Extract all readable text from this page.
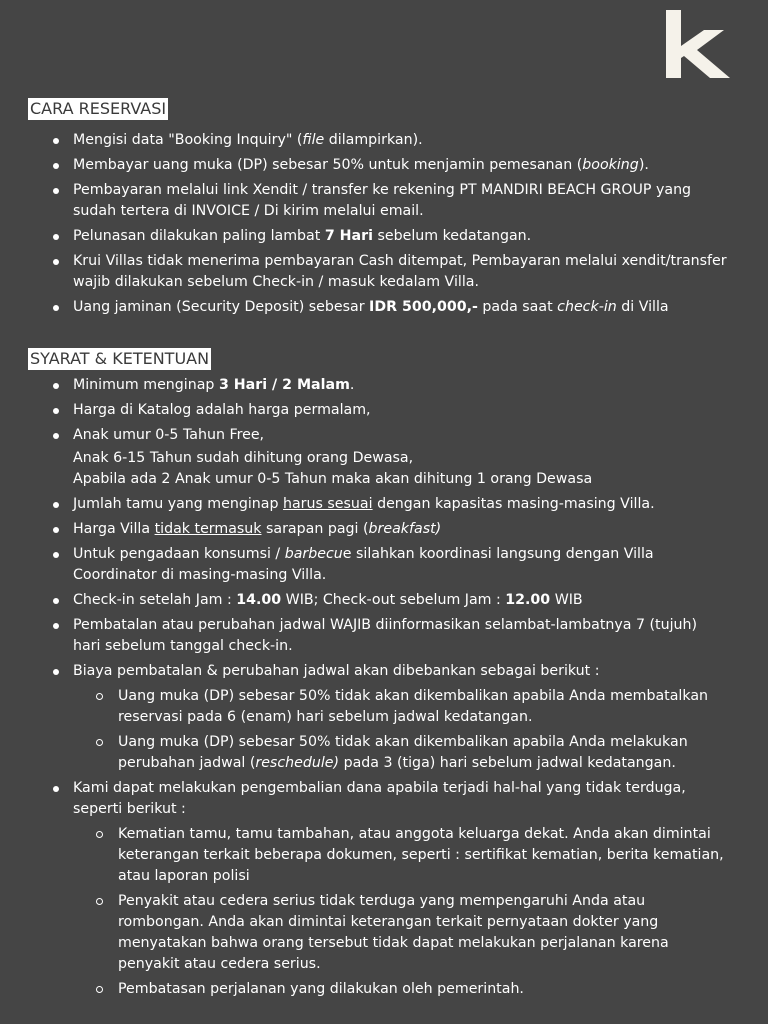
CARA RESERVASI
Mengisi data "Booking Inquiry" (file dilampirkan).
Membayar uang muka (DP) sebesar 50% untuk menjamin pemesanan (booking).
Pembayaran melalui link Xendit / transfer ke rekening PT MANDIRI BEACH GROUP yang sudah tertera di INVOICE / Di kirim melalui email.
Pelunasan dilakukan paling lambat 7 Hari sebelum kedatangan.
Krui Villas tidak menerima pembayaran Cash ditempat, Pembayaran melalui xendit/transfer wajib dilakukan sebelum Check-in / masuk kedalam Villa.
Uang jaminan (Security Deposit) sebesar IDR 500,000,- pada saat check-in di Villa
SYARAT & KETENTUAN
Minimum menginap 3 Hari / 2 Malam.
Harga di Katalog adalah harga permalam,
Anak umur 0-5 Tahun Free,
Anak 6-15 Tahun sudah dihitung orang Dewasa,
Apabila ada 2 Anak umur 0-5 Tahun maka akan dihitung 1 orang Dewasa
Jumlah tamu yang menginap harus sesuai dengan kapasitas masing-masing Villa.
Harga Villa tidak termasuk sarapan pagi (breakfast)
Untuk pengadaan konsumsi / barbecue silahkan koordinasi langsung dengan Villa Coordinator di masing-masing Villa.
Check-in setelah Jam : 14.00 WIB; Check-out sebelum Jam : 12.00 WIB
Pembatalan atau perubahan jadwal WAJIB diinformasikan selambat-lambatnya 7 (tujuh) hari sebelum tanggal check-in.
Biaya pembatalan & perubahan jadwal akan dibebankan sebagai berikut :
Uang muka (DP) sebesar 50% tidak akan dikembalikan apabila Anda membatalkan reservasi pada 6 (enam) hari sebelum jadwal kedatangan.
Uang muka (DP) sebesar 50% tidak akan dikembalikan apabila Anda melakukan perubahan jadwal (reschedule) pada 3 (tiga) hari sebelum jadwal kedatangan.
Kami dapat melakukan pengembalian dana apabila terjadi hal-hal yang tidak terduga, seperti berikut :
Kematian tamu, tamu tambahan, atau anggota keluarga dekat. Anda akan dimintai keterangan terkait beberapa dokumen, seperti : sertifikat kematian, berita kematian, atau laporan polisi
Penyakit atau cedera serius tidak terduga yang mempengaruhi Anda atau rombongan. Anda akan dimintai keterangan terkait pernyataan dokter yang menyatakan bahwa orang tersebut tidak dapat melakukan perjalanan karena penyakit atau cedera serius.
Pembatasan perjalanan yang dilakukan oleh pemerintah.
